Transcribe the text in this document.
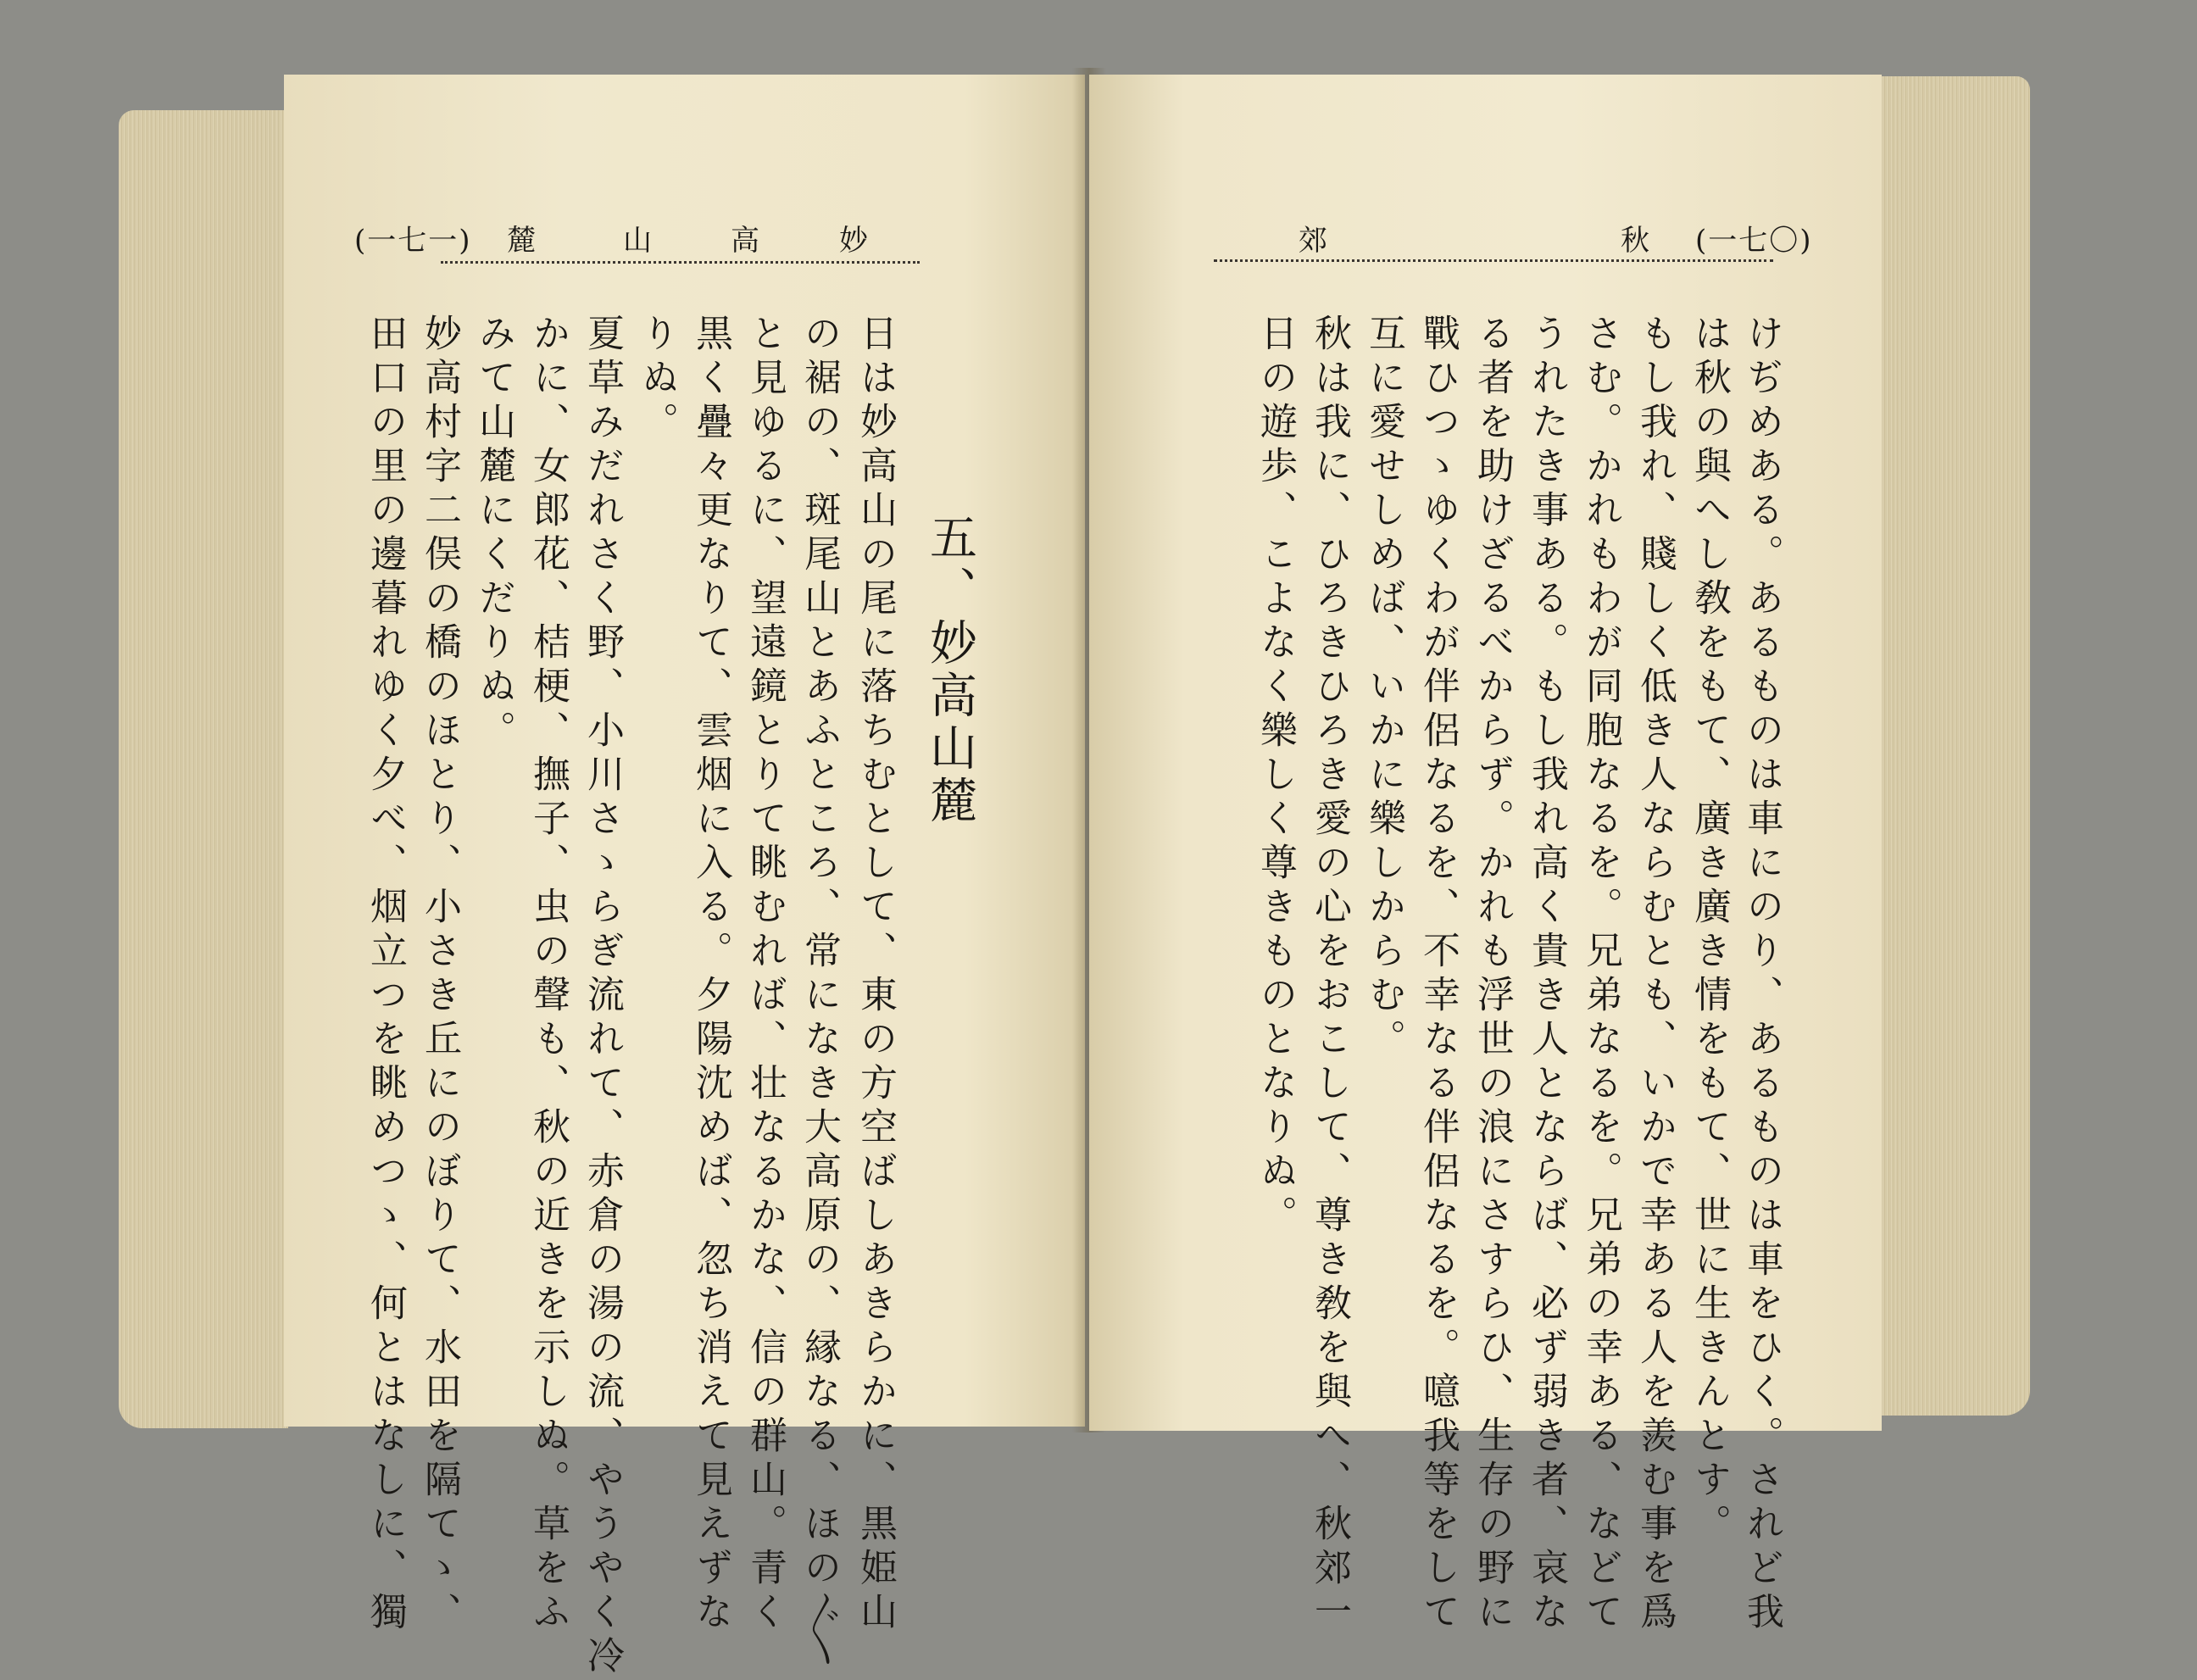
(一七一) 麓	山	高	妙
五、妙高山麓
日は妙高山の尾に落ちむとして、東の方空ばしあきらかに、黒姫山
の裾の、斑尾山とあふところ、常になき大高原の、縁なる、ほの〴〵
と見ゆるに、望遠鏡とりて眺むれば、壮なるかな、信の群山。青く
黒く疊々更なりて、雲烟に入る。夕陽沈めば、忽ち消えて見えずな
りぬ。
夏草みだれさく野、小川さゝらぎ流れて、赤倉の湯の流、やうやく冷
かに、女郎花、桔梗、撫子、虫の聲も、秋の近きを示しぬ。草をふ
みて山麓にくだりぬ。
妙高村字二俣の橋のほとり、小さき丘にのぼりて、水田を隔てゝ、
田口の里の邊暮れゆく夕べ、烟立つを眺めつゝ、何とはなしに、獨
郊	秋 (一七〇)
けぢめある。あるものは車にのり、あるものは車をひく。されど我
は秋の與へし敎をもて、廣き廣き情をもて、世に生きんとす。
もし我れ、賤しく低き人ならむとも、いかで幸ある人を羨む事を爲
さむ。かれもわが同胞なるを。兄弟なるを。兄弟の幸ある、などて
うれたき事ある。もし我れ高く貴き人とならば、必ず弱き者、哀な
る者を助けざるべからず。かれも浮世の浪にさすらひ、生存の野に
戰ひつゝゆくわが伴侶なるを、不幸なる伴侶なるを。噫我等をして
互に愛せしめば、いかに樂しからむ。
秋は我に、ひろきひろき愛の心をおこして、尊き敎を與へ、秋郊一
日の遊歩、こよなく樂しく尊きものとなりぬ。
